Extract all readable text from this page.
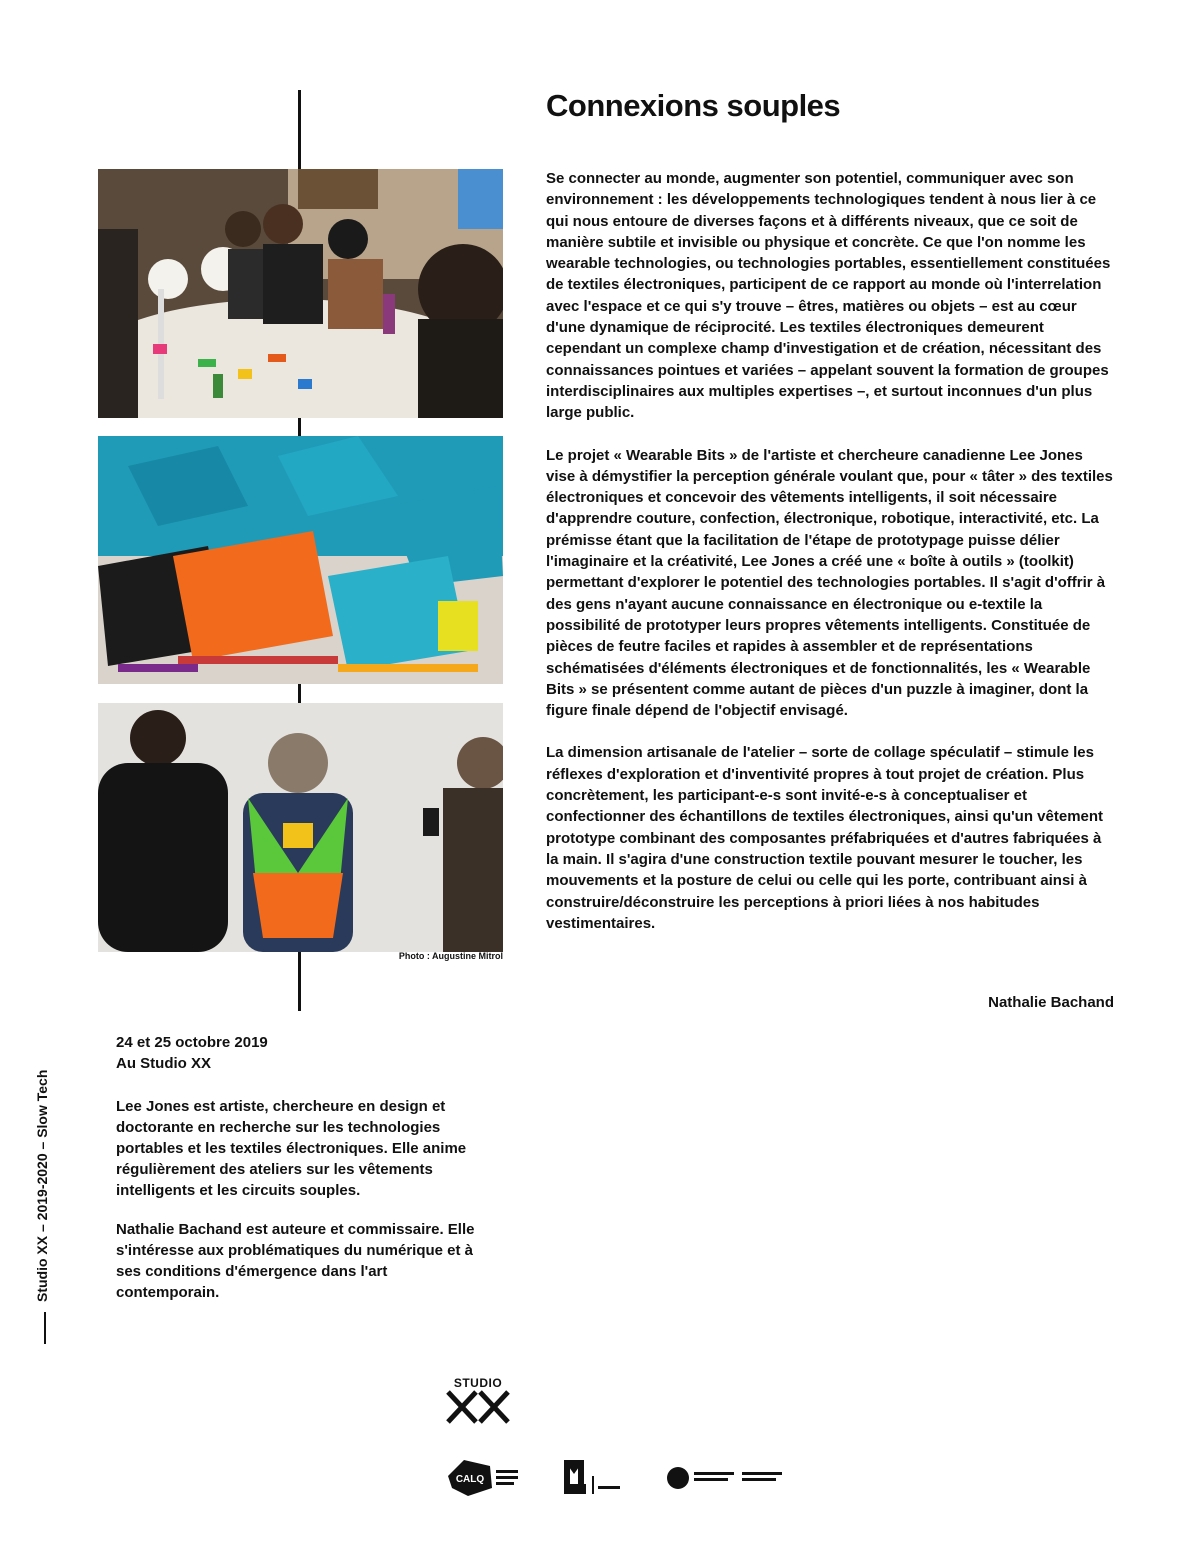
Photo : Augustine Mitrol
Connexions souples

Se connecter au monde, augmenter son potentiel, communiquer avec son environnement : les développements technologiques tendent à nous lier à ce qui nous entoure de diverses façons et à différents niveaux, que ce soit de manière subtile et invisible ou physique et concrète. Ce que l'on nomme les wearable technologies, ou technologies portables, essentiellement constituées de textiles électroniques, participent de ce rapport au monde où l'interrelation avec l'espace et ce qui s'y trouve – êtres, matières ou objets – est au cœur d'une dynamique de réciprocité. Les textiles électroniques demeurent cependant un complexe champ d'investigation et de création, nécessitant des connaissances pointues et variées – appelant souvent la formation de groupes interdisciplinaires aux multiples expertises –, et surtout inconnues d'un plus large public.

Le projet « Wearable Bits » de l'artiste et chercheure canadienne Lee Jones vise à démystifier la perception générale voulant que, pour « tâter » des textiles électroniques et concevoir des vêtements intelligents, il soit nécessaire d'apprendre couture, confection, électronique, robotique, interactivité, etc. La prémisse étant que la facilitation de l'étape de prototypage puisse délier l'imaginaire et la créativité, Lee Jones a créé une « boîte à outils » (toolkit) permettant d'explorer le potentiel des technologies portables. Il s'agit d'offrir à des gens n'ayant aucune connaissance en électronique ou e-textile la possibilité de prototyper leurs propres vêtements intelligents. Constituée de pièces de feutre faciles et rapides à assembler et de représentations schématisées d'éléments électroniques et de fonctionnalités, les « Wearable Bits » se présentent comme autant de pièces d'un puzzle à imaginer, dont la figure finale dépend de l'objectif envisagé.

La dimension artisanale de l'atelier – sorte de collage spéculatif – stimule les réflexes d'exploration et d'inventivité propres à tout projet de création. Plus concrètement, les participant-e-s sont invité-e-s à conceptualiser et confectionner des échantillons de textiles électroniques, ainsi qu'un vêtement prototype combinant des composantes préfabriquées et d'autres fabriquées à la main. Il s'agira d'une construction textile pouvant mesurer le toucher, les mouvements et la posture de celui ou celle qui les porte, contribuant ainsi à construire/déconstruire les perceptions à priori liées à nos habitudes vestimentaires.

Nathalie Bachand
Studio XX – 2019-2020 – Slow Tech
24 et 25 octobre 2019
Au Studio XX

Lee Jones est artiste, chercheure en design et doctorante en recherche sur les technologies portables et les textiles électroniques. Elle anime régulièrement des ateliers sur les vêtements intelligents et les circuits souples.

Nathalie Bachand est auteure et commissaire. Elle s'intéresse aux problématiques du numérique et à ses conditions d'émergence dans l'art contemporain.

STUDIO
CALQ
